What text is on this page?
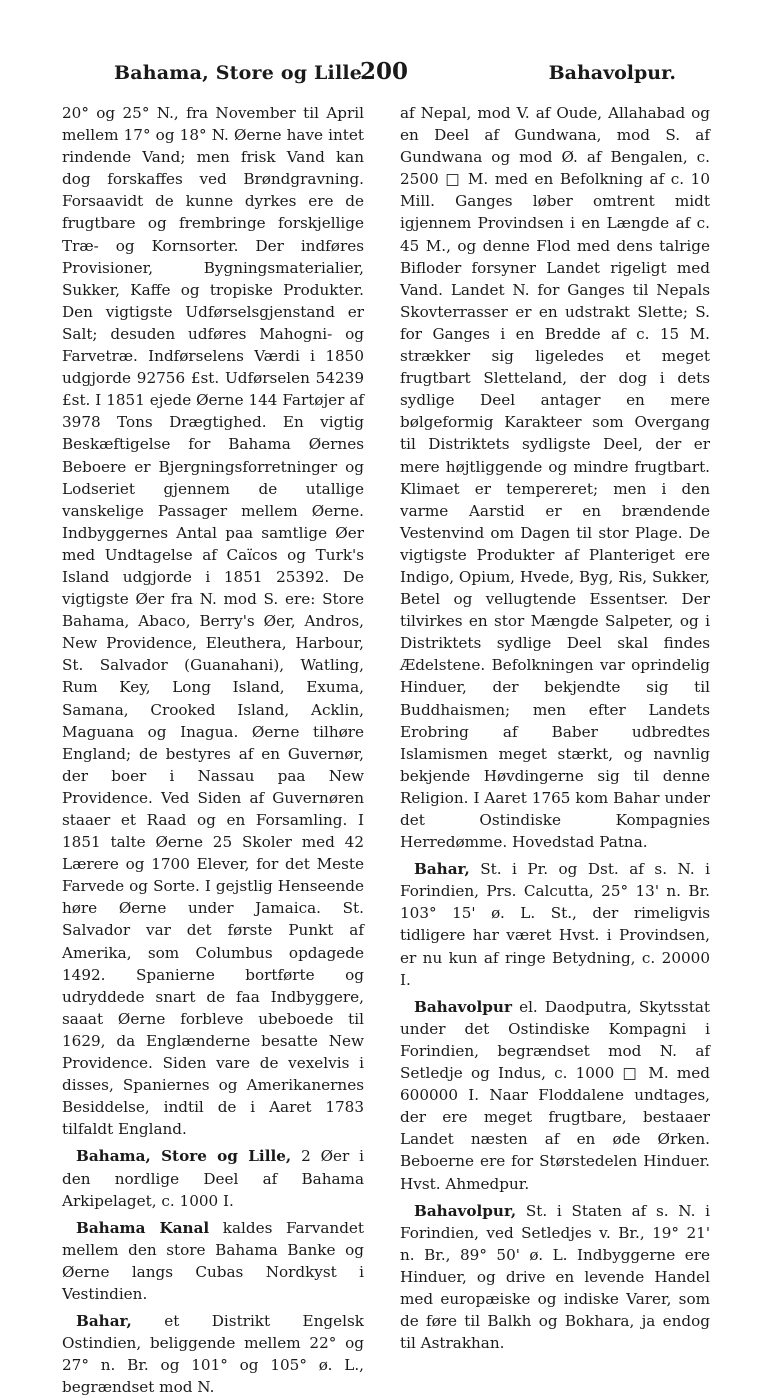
Bahama, Store og Lille.
200	Bahavolpur.

20° og 25° N., fra November til April mellem 17° og 18° N. Øerne have intet rindende Vand; men frisk Vand kan dog forskaffes ved Brøndgravning. Forsaavidt de kunne dyrkes ere de frugtbare og frembringe forskjellige Træ- og Kornsorter. Der indføres Provisioner, Bygningsmaterialier, Sukker, Kaffe og tropiske Produkter. Den vigtigste Udførselsgjenstand er Salt; desuden udføres Mahogni- og Farvetræ. Indførselens Værdi i 1850 udgjorde 92756 £st. Udførselen 54239 £st. I 1851 ejede Øerne 144 Fartøjer af 3978 Tons Drægtighed. En vigtig Beskæftigelse for Bahama Øernes Beboere er Bjergningsforretninger og Lodseriet gjennem de utallige vanskelige Passager mellem Øerne. Indbyggernes Antal paa samtlige Øer med Undtagelse af Caïcos og Turk's Island udgjorde i 1851 25392. De vigtigste Øer fra N. mod S. ere: Store Bahama, Abaco, Berry's Øer, Andros, New Providence, Eleuthera, Harbour, St. Salvador (Guanahani), Watling, Rum Key, Long Island, Exuma, Samana, Crooked Island, Acklin, Maguana og Inagua. Øerne tilhøre England; de bestyres af en Guvernør, der boer i Nassau paa New Providence. Ved Siden af Guvernøren staaer et Raad og en Forsamling. I 1851 talte Øerne 25 Skoler med 42 Lærere og 1700 Elever, for det Meste Farvede og Sorte. I gejstlig Henseende høre Øerne under Jamaica. St. Salvador var det første Punkt af Amerika, som Columbus opdagede 1492. Spanierne bortførte og udryddede snart de faa Indbyggere, saaat Øerne forbleve ubeboede til 1629, da Englænderne besatte New Providence. Siden vare de vexelvis i disses, Spaniernes og Amerikanernes Besiddelse, indtil de i Aaret 1783 tilfaldt England.

Bahama, Store og Lille, 2 Øer i den nordlige Deel af Bahama Arkipelaget, c. 1000 I.

Bahama Kanal kaldes Farvandet mellem den store Bahama Banke og Øerne langs Cubas Nordkyst i Vestindien.

Bahar, et Distrikt Engelsk Ostindien, beliggende mellem 22° og 27° n. Br. og 101° og 105° ø. L., begrændset mod N.

af Nepal, mod V. af Oude, Allahabad og en Deel af Gundwana, mod S. af Gundwana og mod Ø. af Bengalen, c. 2500 □ M. med en Befolkning af c. 10 Mill. Ganges løber omtrent midt igjennem Provindsen i en Længde af c. 45 M., og denne Flod med dens talrige Bifloder forsyner Landet rigeligt med Vand. Landet N. for Ganges til Nepals Skovterrasser er en udstrakt Slette; S. for Ganges i en Bredde af c. 15 M. strækker sig ligeledes et meget frugtbart Sletteland, der dog i dets sydlige Deel antager en mere bølgeformig Karakteer som Overgang til Distriktets sydligste Deel, der er mere højtliggende og mindre frugtbart. Klimaet er tempereret; men i den varme Aarstid er en brændende Vestenvind om Dagen til stor Plage. De vigtigste Produkter af Planteriget ere Indigo, Opium, Hvede, Byg, Ris, Sukker, Betel og vellugtende Essentser. Der tilvirkes en stor Mængde Salpeter, og i Distriktets sydlige Deel skal findes Ædelstene. Befolkningen var oprindelig Hinduer, der bekjendte sig til Buddhaismen; men efter Landets Erobring af Baber udbredtes Islamismen meget stærkt, og navnlig bekjende Høvdingerne sig til denne Religion. I Aaret 1765 kom Bahar under det Ostindiske Kompagnies Herredømme. Hovedstad Patna.

Bahar, St. i Pr. og Dst. af s. N. i Forindien, Prs. Calcutta, 25° 13' n. Br. 103° 15' ø. L. St., der rimeligvis tidligere har været Hvst. i Provindsen, er nu kun af ringe Betydning, c. 20000 I.

Bahavolpur el. Daodputra, Skytsstat under det Ostindiske Kompagni i Forindien, begrændset mod N. af Setledje og Indus, c. 1000 □ M. med 600000 I. Naar Floddalene undtages, der ere meget frugtbare, bestaaer Landet næsten af en øde Ørken. Beboerne ere for Størstedelen Hinduer. Hvst. Ahmedpur.

Bahavolpur, St. i Staten af s. N. i Forindien, ved Setledjes v. Br., 19° 21' n. Br., 89° 50' ø. L. Indbyggerne ere Hinduer, og drive en levende Handel med europæiske og indiske Varer, som de føre til Balkh og Bokhara, ja endog til Astrakhan.
